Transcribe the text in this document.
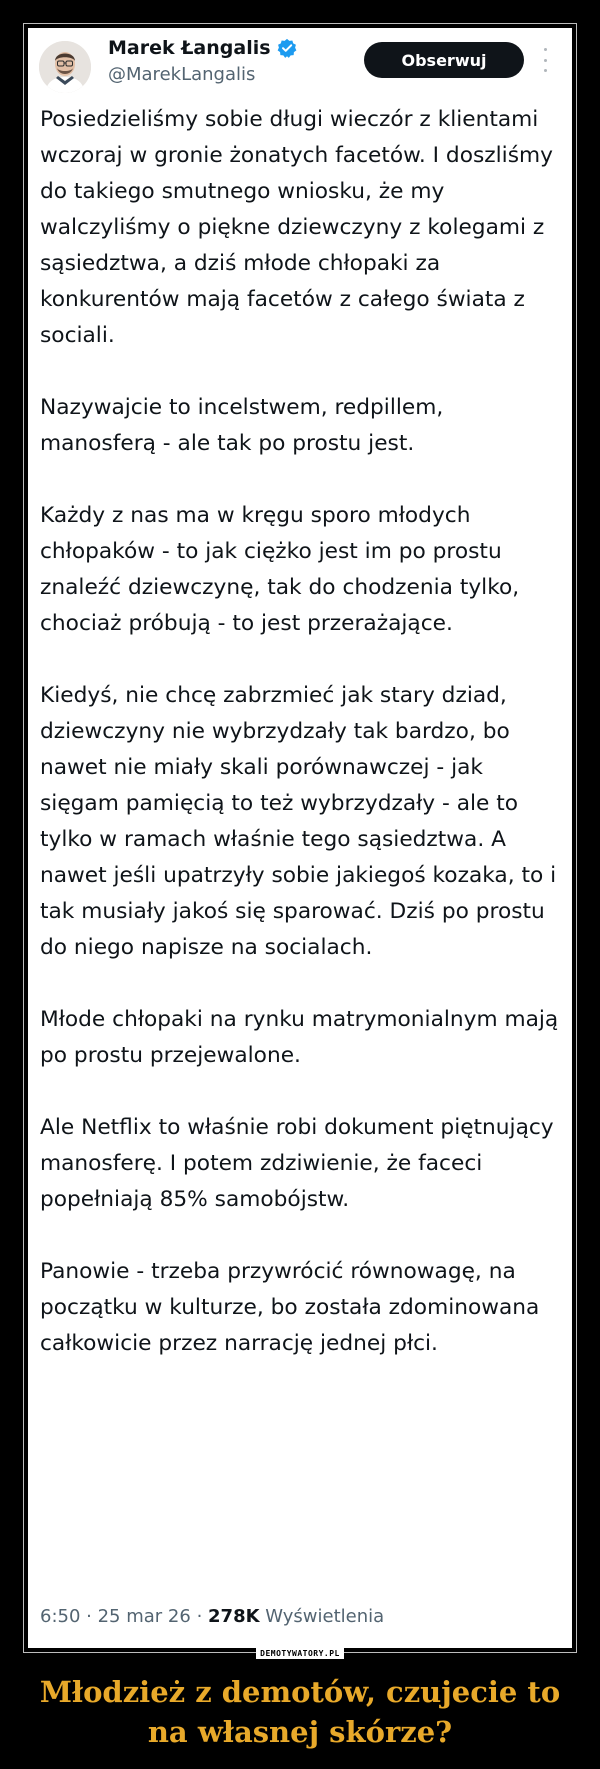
Marek Łangalis
@MarekLangalis
Obserwuj

Posiedzieliśmy sobie długi wieczór z klientami wczoraj w gronie żonatych facetów. I doszliśmy do takiego smutnego wniosku, że my walczyliśmy o piękne dziewczyny z kolegami z sąsiedztwa, a dziś młode chłopaki za konkurentów mają facetów z całego świata z sociali.

Nazywajcie to incelstwem, redpillem, manosferą - ale tak po prostu jest.

Każdy z nas ma w kręgu sporo młodych chłopaków - to jak ciężko jest im po prostu znaleźć dziewczynę, tak do chodzenia tylko, chociaż próbują - to jest przerażające.

Kiedyś, nie chcę zabrzmieć jak stary dziad, dziewczyny nie wybrzydzały tak bardzo, bo nawet nie miały skali porównawczej - jak sięgam pamięcią to też wybrzydzały - ale to tylko w ramach właśnie tego sąsiedztwa. A nawet jeśli upatrzyły sobie jakiegoś kozaka, to i tak musiały jakoś się sparować. Dziś po prostu do niego napisze na socialach.

Młode chłopaki na rynku matrymonialnym mają po prostu przejewalone.

Ale Netflix to właśnie robi dokument piętnujący manosferę. I potem zdziwienie, że faceci popełniają 85% samobójstw.

Panowie - trzeba przywrócić równowagę, na początku w kulturze, bo została zdominowana całkowicie przez narrację jednej płci.

6:50 · 25 mar 26 · 278K Wyświetlenia
DEMOTYWATORY.PL
Młodzież z demotów, czujecie to
na własnej skórze?
